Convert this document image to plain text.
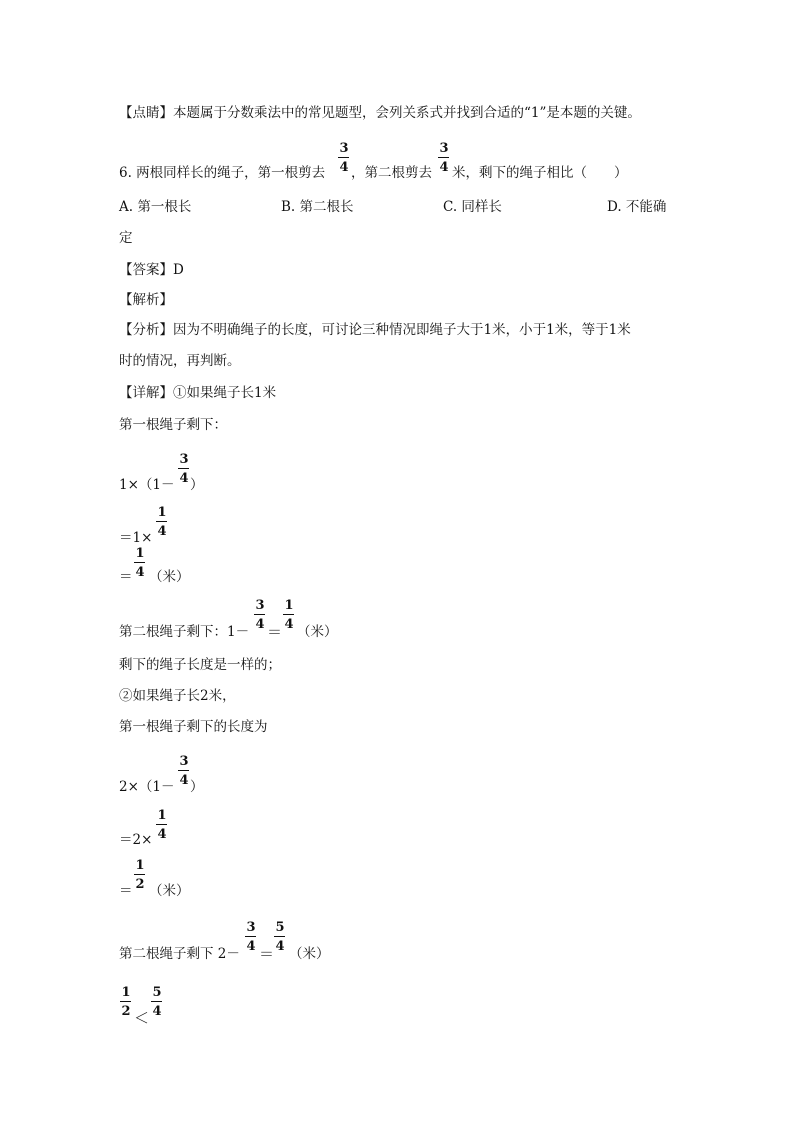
【点睛】本题属于分数乘法中的常见题型，会列关系式并找到合适的“1”是本题的关键。
6. 两根同样长的绳子，第一根剪去
3
4 ，第二根剪去
3
4 米，剩下的绳子相比（　　）
A. 第一根长	B. 第二根长	C. 同样长	D. 不能确
定
【答案】D
【解析】
【分析】因为不明确绳子的长度，可讨论三种情况即绳子大于1米，小于1米，等于1米
时的情况，再判断。
【详解】①如果绳子长1米
第一根绳子剩下：
1×（1－
3
4 ）
＝1×
1
4
＝
1
4 （米）
第二根绳子剩下：1－
3
4 ＝
1
4 （米）
剩下的绳子长度是一样的；
②如果绳子长2米，
第一根绳子剩下的长度为
2×（1－
3
4 ）
＝2×
1
4
＝
1
2 （米）
第二根绳子剩下 2－
3
4 ＝
5
4 （米）
1
2 ＜
5
4
